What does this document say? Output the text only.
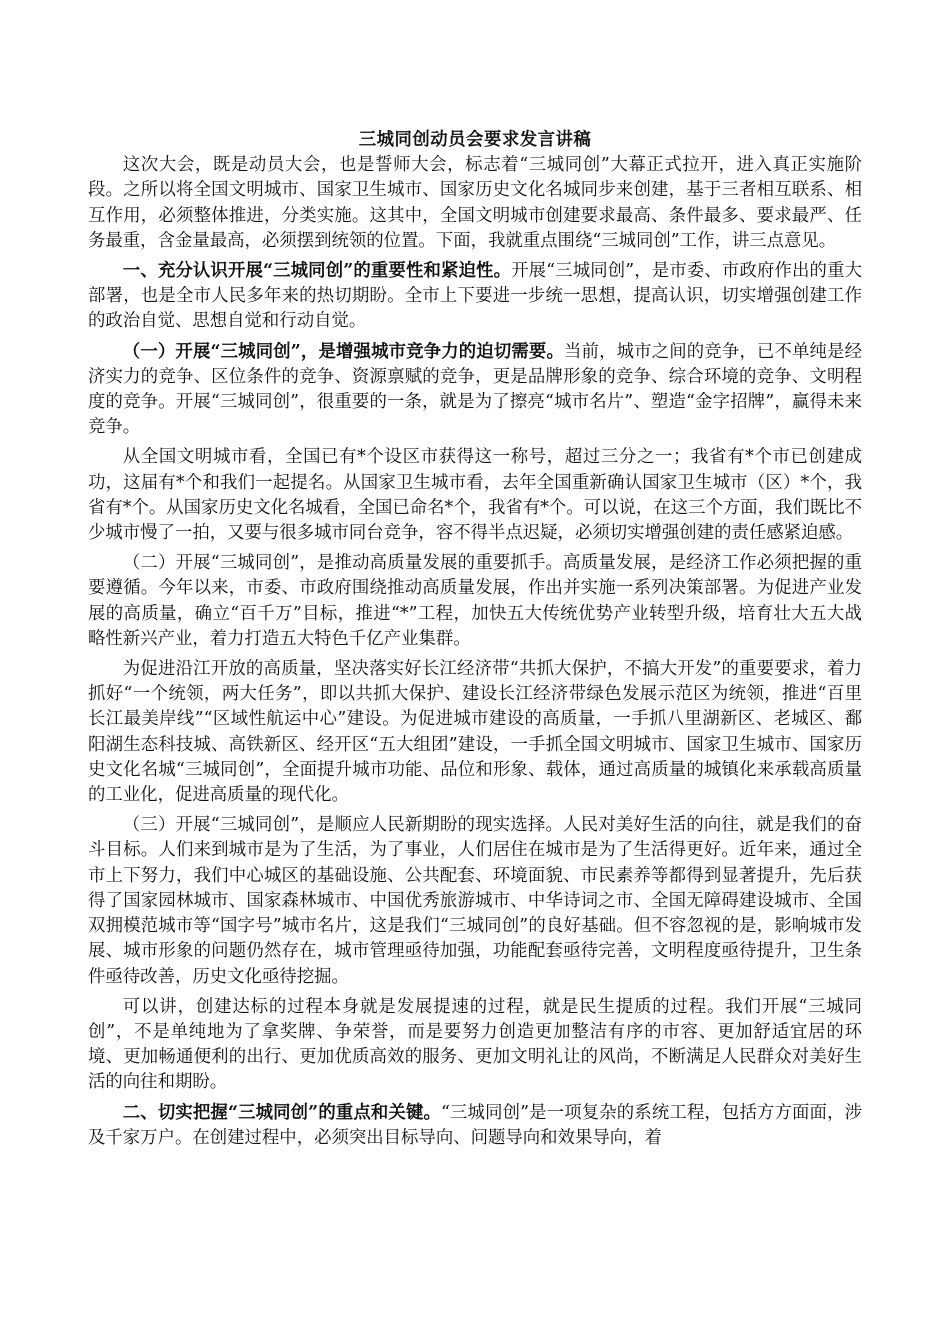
三城同创动员会要求发言讲稿

这次大会，既是动员大会，也是誓师大会，标志着“三城同创”大幕正式拉开，进入真正实施阶段。之所以将全国文明城市、国家卫生城市、国家历史文化名城同步来创建，基于三者相互联系、相互作用，必须整体推进，分类实施。这其中，全国文明城市创建要求最高、条件最多、要求最严、任务最重，含金量最高，必须摆到统领的位置。下面，我就重点围绕“三城同创”工作，讲三点意见。

一、充分认识开展“三城同创”的重要性和紧迫性。开展“三城同创”，是市委、市政府作出的重大部署，也是全市人民多年来的热切期盼。全市上下要进一步统一思想，提高认识，切实增强创建工作的政治自觉、思想自觉和行动自觉。

（一）开展“三城同创”，是增强城市竞争力的迫切需要。当前，城市之间的竞争，已不单纯是经济实力的竞争、区位条件的竞争、资源禀赋的竞争，更是品牌形象的竞争、综合环境的竞争、文明程度的竞争。开展“三城同创”，很重要的一条，就是为了擦亮“城市名片”、塑造“金字招牌”，赢得未来竞争。

从全国文明城市看，全国已有*个设区市获得这一称号，超过三分之一；我省有*个市已创建成功，这届有*个和我们一起提名。从国家卫生城市看，去年全国重新确认国家卫生城市（区）*个，我省有*个。从国家历史文化名城看，全国已命名*个，我省有*个。可以说，在这三个方面，我们既比不少城市慢了一拍，又要与很多城市同台竞争，容不得半点迟疑，必须切实增强创建的责任感紧迫感。

（二）开展“三城同创”，是推动高质量发展的重要抓手。高质量发展，是经济工作必须把握的重要遵循。今年以来，市委、市政府围绕推动高质量发展，作出并实施一系列决策部署。为促进产业发展的高质量，确立“百千万”目标，推进“*”工程，加快五大传统优势产业转型升级，培育壮大五大战略性新兴产业，着力打造五大特色千亿产业集群。

为促进沿江开放的高质量，坚决落实好长江经济带“共抓大保护，不搞大开发”的重要要求，着力抓好“一个统领，两大任务”，即以共抓大保护、建设长江经济带绿色发展示范区为统领，推进“百里长江最美岸线”“区域性航运中心”建设。为促进城市建设的高质量，一手抓八里湖新区、老城区、鄱阳湖生态科技城、高铁新区、经开区“五大组团”建设，一手抓全国文明城市、国家卫生城市、国家历史文化名城“三城同创”，全面提升城市功能、品位和形象、载体，通过高质量的城镇化来承载高质量的工业化，促进高质量的现代化。

（三）开展“三城同创”，是顺应人民新期盼的现实选择。人民对美好生活的向往，就是我们的奋斗目标。人们来到城市是为了生活，为了事业，人们居住在城市是为了生活得更好。近年来，通过全市上下努力，我们中心城区的基础设施、公共配套、环境面貌、市民素养等都得到显著提升，先后获得了国家园林城市、国家森林城市、中国优秀旅游城市、中华诗词之市、全国无障碍建设城市、全国双拥模范城市等“国字号”城市名片，这是我们“三城同创”的良好基础。但不容忽视的是，影响城市发展、城市形象的问题仍然存在，城市管理亟待加强，功能配套亟待完善，文明程度亟待提升，卫生条件亟待改善，历史文化亟待挖掘。

可以讲，创建达标的过程本身就是发展提速的过程，就是民生提质的过程。我们开展“三城同创”，不是单纯地为了拿奖牌、争荣誉，而是要努力创造更加整洁有序的市容、更加舒适宜居的环境、更加畅通便利的出行、更加优质高效的服务、更加文明礼让的风尚，不断满足人民群众对美好生活的向往和期盼。

二、切实把握“三城同创”的重点和关键。“三城同创”是一项复杂的系统工程，包括方方面面，涉及千家万户。在创建过程中，必须突出目标导向、问题导向和效果导向，着
